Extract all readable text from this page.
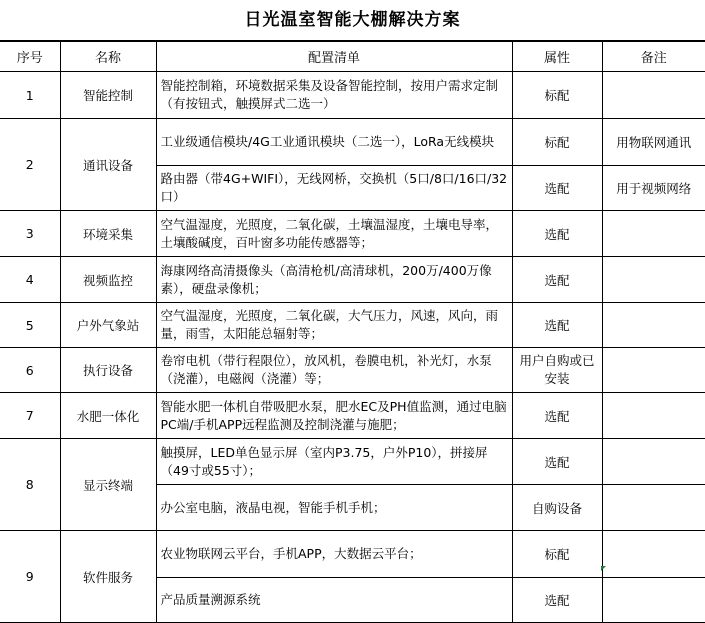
日光温室智能大棚解决方案
序号	名称	配置清单	属性	备注
1	智能控制	智能控制箱，环境数据采集及设备智能控制，按用户需求定制（有按钮式，触摸屏式二选一）	标配	
2	通讯设备	工业级通信模块/4G工业通讯模块（二选一），LoRa无线模块	标配	用物联网通讯
		路由器（带4G+WIFI），无线网桥，交换机（5口/8口/16口/32口）	选配	用于视频网络
3	环境采集	空气温湿度，光照度，二氧化碳，土壤温湿度，土壤电导率，土壤酸碱度，百叶窗多功能传感器等；	选配	
4	视频监控	海康网络高清摄像头（高清枪机/高清球机，200万/400万像素），硬盘录像机；	选配	
5	户外气象站	空气温湿度，光照度，二氧化碳，大气压力，风速，风向，雨量，雨雪，太阳能总辐射等；	选配	
6	执行设备	卷帘电机（带行程限位），放风机，卷膜电机，补光灯，水泵（浇灌），电磁阀（浇灌）等；	用户自购或已安装	
7	水肥一体化	智能水肥一体机自带吸肥水泵，肥水EC及PH值监测，通过电脑PC端/手机APP远程监测及控制浇灌与施肥；	选配	
8	显示终端	触摸屏，LED单色显示屏（室内P3.75，户外P10），拼接屏（49寸或55寸）；	选配	
		办公室电脑，液晶电视，智能手机手机；	自购设备	
9	软件服务	农业物联网云平台，手机APP，大数据云平台；	标配	
		产品质量溯源系统	选配	
